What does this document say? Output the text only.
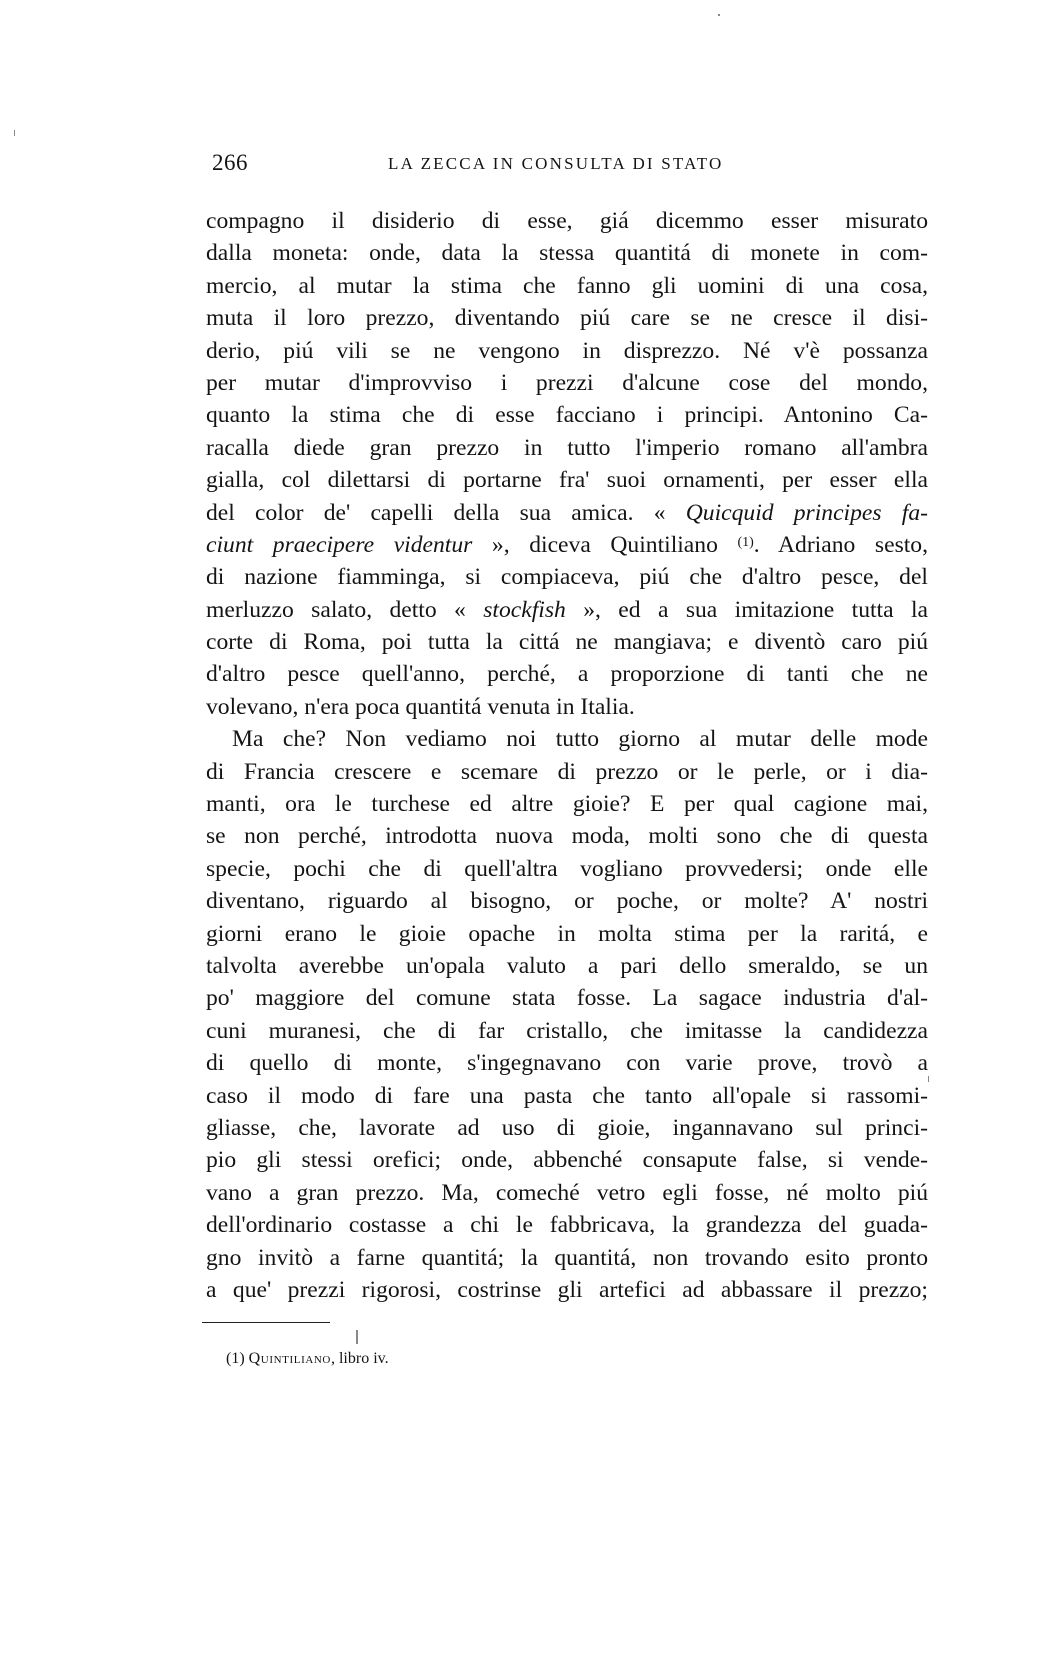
266	LA ZECCA IN CONSULTA DI STATO
compagno il disiderio di esse, giá dicemmo esser misurato
dalla moneta: onde, data la stessa quantitá di monete in com-
mercio, al mutar la stima che fanno gli uomini di una cosa,
muta il loro prezzo, diventando piú care se ne cresce il disi-
derio, piú vili se ne vengono in disprezzo. Né v'è possanza
per mutar d'improvviso i prezzi d'alcune cose del mondo,
quanto la stima che di esse facciano i principi. Antonino Ca-
racalla diede gran prezzo in tutto l'imperio romano all'ambra
gialla, col dilettarsi di portarne fra' suoi ornamenti, per esser ella
del color de' capelli della sua amica. « Quicquid principes fa-
ciunt praecipere videntur », diceva Quintiliano $^{(1)}$. Adriano sesto,
di nazione fiamminga, si compiaceva, piú che d'altro pesce, del
merluzzo salato, detto « stockfish », ed a sua imitazione tutta la
corte di Roma, poi tutta la cittá ne mangiava; e diventò caro piú
d'altro pesce quell'anno, perché, a proporzione di tanti che ne
volevano, n'era poca quantitá venuta in Italia.
Ma che? Non vediamo noi tutto giorno al mutar delle mode
di Francia crescere e scemare di prezzo or le perle, or i dia-
manti, ora le turchese ed altre gioie? E per qual cagione mai,
se non perché, introdotta nuova moda, molti sono che di questa
specie, pochi che di quell'altra vogliano provvedersi; onde elle
diventano, riguardo al bisogno, or poche, or molte? A' nostri
giorni erano le gioie opache in molta stima per la raritá, e
talvolta averebbe un'opala valuto a pari dello smeraldo, se un
po' maggiore del comune stata fosse. La sagace industria d'al-
cuni muranesi, che di far cristallo, che imitasse la candidezza
di quello di monte, s'ingegnavano con varie prove, trovò a
caso il modo di fare una pasta che tanto all'opale si rassomi-
gliasse, che, lavorate ad uso di gioie, ingannavano sul princi-
pio gli stessi orefici; onde, abbenché consapute false, si vende-
vano a gran prezzo. Ma, comeché vetro egli fosse, né molto piú
dell'ordinario costasse a chi le fabbricava, la grandezza del guada-
gno invitò a farne quantitá; la quantitá, non trovando esito pronto
a que' prezzi rigorosi, costrinse gli artefici ad abbassare il prezzo;
(1) Quintiliano, libro iv.
